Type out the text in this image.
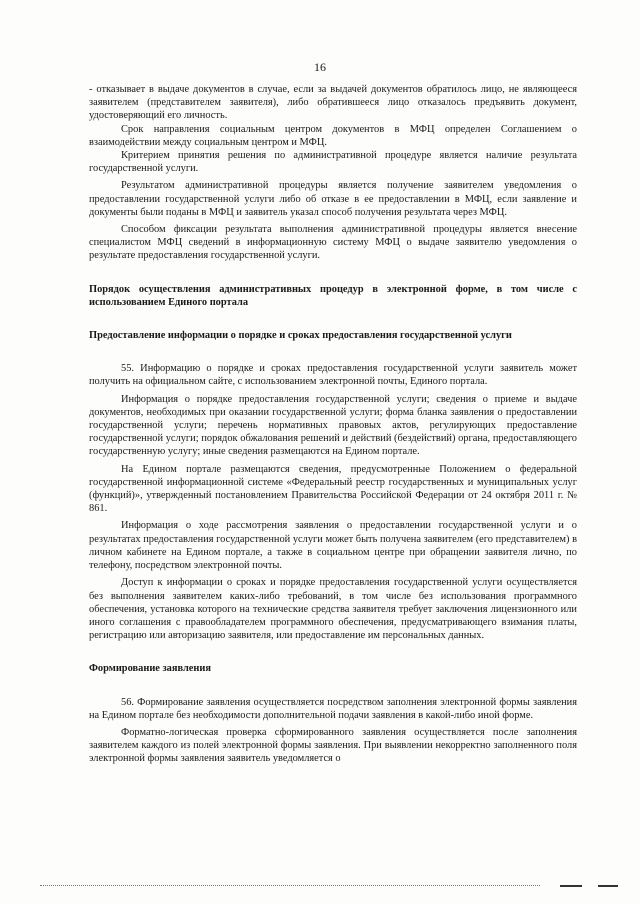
16

- отказывает в выдаче документов в случае, если за выдачей документов обратилось лицо, не являющееся заявителем (представителем заявителя), либо обратившееся лицо отказалось предъявить документ, удостоверяющий его личность.

Срок направления социальным центром документов в МФЦ определен Соглашением о взаимодействии между социальным центром и МФЦ.

Критерием принятия решения по административной процедуре является наличие результата государственной услуги.

Результатом административной процедуры является получение заявителем уведомления о предоставлении государственной услуги либо об отказе в ее предоставлении в МФЦ, если заявление и документы были поданы в МФЦ и заявитель указал способ получения результата через МФЦ.

Способом фиксации результата выполнения административной процедуры является внесение специалистом МФЦ сведений в информационную систему МФЦ о выдаче заявителю уведомления о результате предоставления государственной услуги.

Порядок осуществления административных процедур в электронной форме, в том числе с использованием Единого портала

Предоставление информации о порядке и сроках предоставления государственной услуги

55. Информацию о порядке и сроках предоставления государственной услуги заявитель может получить на официальном сайте, с использованием электронной почты, Единого портала.

Информация о порядке предоставления государственной услуги; сведения о приеме и выдаче документов, необходимых при оказании государственной услуги; форма бланка заявления о предоставлении государственной услуги; перечень нормативных правовых актов, регулирующих предоставление государственной услуги; порядок обжалования решений и действий (бездействий) органа, предоставляющего государственную услугу; иные сведения размещаются на Едином портале.

На Едином портале размещаются сведения, предусмотренные Положением о федеральной государственной информационной системе «Федеральный реестр государственных и муниципальных услуг (функций)», утвержденный постановлением Правительства Российской Федерации от 24 октября 2011 г. № 861.

Информация о ходе рассмотрения заявления о предоставлении государственной услуги и о результатах предоставления государственной услуги может быть получена заявителем (его представителем) в личном кабинете на Едином портале, а также в социальном центре при обращении заявителя лично, по телефону, посредством электронной почты.

Доступ к информации о сроках и порядке предоставления государственной услуги осуществляется без выполнения заявителем каких-либо требований, в том числе без использования программного обеспечения, установка которого на технические средства заявителя требует заключения лицензионного или иного соглашения с правообладателем программного обеспечения, предусматривающего взимания платы, регистрацию или авторизацию заявителя, или предоставление им персональных данных.

Формирование заявления

56. Формирование заявления осуществляется посредством заполнения электронной формы заявления на Едином портале без необходимости дополнительной подачи заявления в какой-либо иной форме.

Форматно-логическая проверка сформированного заявления осуществляется после заполнения заявителем каждого из полей электронной формы заявления. При выявлении некорректно заполненного поля электронной формы заявления заявитель уведомляется о
